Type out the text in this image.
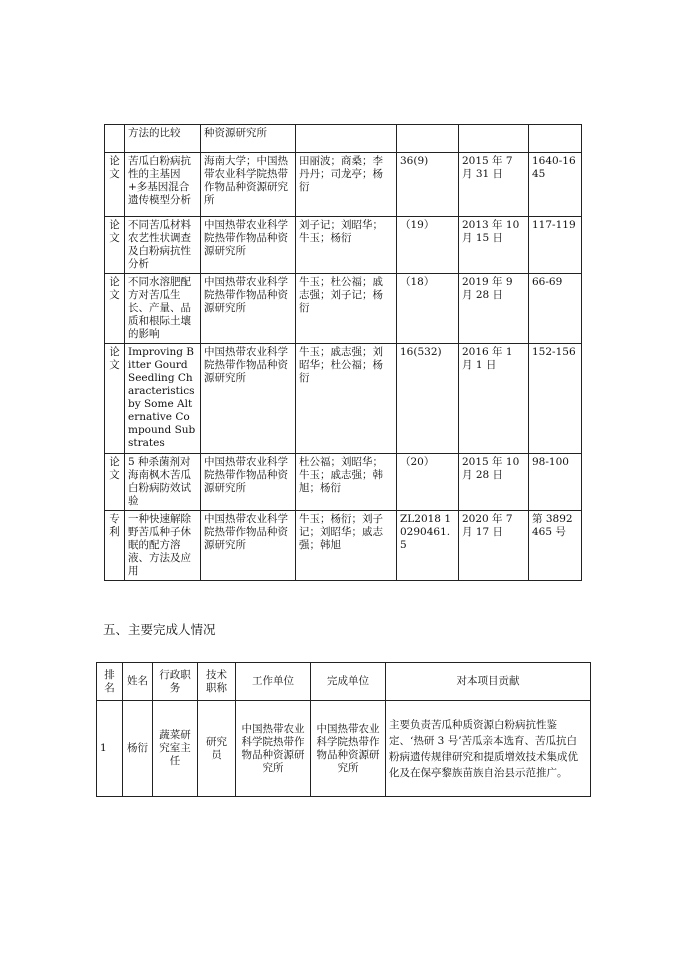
	方法的比较	种资源研究所				
论文	苦瓜白粉病抗性的主基因+多基因混合遗传模型分析	海南大学；中国热带农业科学院热带作物品种资源研究所	田丽波；商桑；李丹丹；司龙亭；杨衍	36(9)	2015 年 7 月 31 日	1640-1645
论文	不同苦瓜材料农艺性状调查及白粉病抗性分析	中国热带农业科学院热带作物品种资源研究所	刘子记；刘昭华；牛玉；杨衍	（19）	2013 年 10 月 15 日	117-119
论文	不同水溶肥配方对苦瓜生长、产量、品质和根际土壤的影响	中国热带农业科学院热带作物品种资源研究所	牛玉；杜公福；戚志强；刘子记；杨衍	（18）	2019 年 9 月 28 日	66-69
论文	Improving Bitter Gourd Seedling Characteristics by Some Alternative Compound Substrates	中国热带农业科学院热带作物品种资源研究所	牛玉；戚志强；刘昭华；杜公福；杨衍	16(532)	2016 年 1 月 1 日	152-156
论文	5 种杀菌剂对海南枫木苦瓜白粉病防效试验	中国热带农业科学院热带作物品种资源研究所	杜公福；刘昭华；牛玉；戚志强；韩旭；杨衍	（20）	2015 年 10 月 28 日	98-100
专利	一种快速解除野苦瓜种子休眠的配方溶液、方法及应用	中国热带农业科学院热带作物品种资源研究所	牛玉；杨衍；刘子记；刘昭华；戚志强；韩旭	ZL2018 1 0290461.5	2020 年 7 月 17 日	第 3892465 号
五、主要完成人情况
排名	姓名	行政职务	技术职称	工作单位	完成单位	对本项目贡献
1	杨衍	蔬菜研究室主任	研究员	中国热带农业科学院热带作物品种资源研究所	中国热带农业科学院热带作物品种资源研究所	主要负责苦瓜种质资源白粉病抗性鉴定、‘热研 3 号’苦瓜亲本选育、苦瓜抗白粉病遗传规律研究和提质增效技术集成优化及在保亭黎族苗族自治县示范推广。
